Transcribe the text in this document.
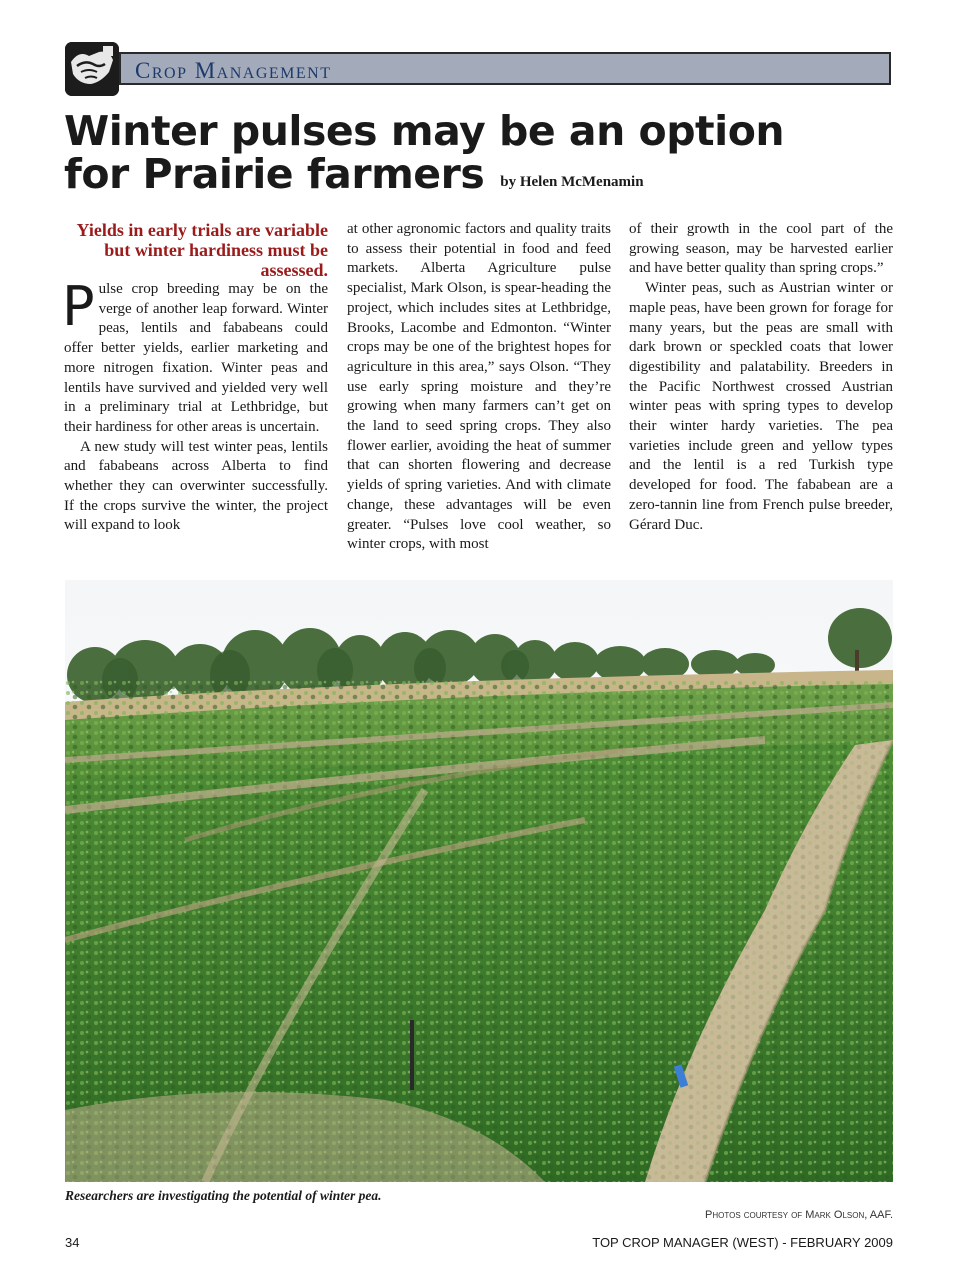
Crop Management
Winter pulses may be an option
for Prairie farmers by Helen McMenamin

Yields in early trials are variable but winter hardiness must be assessed.

Pulse crop breeding may be on the verge of another leap forward. Winter peas, lentils and fababeans could offer better yields, earlier marketing and more nitrogen fixation. Winter peas and lentils have survived and yielded very well in a preliminary trial at Lethbridge, but their hardiness for other areas is uncertain.

A new study will test winter peas, lentils and fababeans across Alberta to find whether they can overwinter successfully. If the crops survive the winter, the project will expand to look

at other agronomic factors and quality traits to assess their potential in food and feed markets. Alberta Agriculture pulse specialist, Mark Olson, is spear-heading the project, which includes sites at Lethbridge, Brooks, Lacombe and Edmonton. “Winter crops may be one of the brightest hopes for agriculture in this area,” says Olson. “They use early spring moisture and they’re growing when many farmers can’t get on the land to seed spring crops. They also flower earlier, avoiding the heat of summer that can shorten flowering and decrease yields of spring varieties. And with climate change, these advantages will be even greater. “Pulses love cool weather, so winter crops, with most

of their growth in the cool part of the growing season, may be harvested earlier and have better quality than spring crops.”

Winter peas, such as Austrian winter or maple peas, have been grown for forage for many years, but the peas are small with dark brown or speckled coats that lower digestibility and palatability. Breeders in the Pacific Northwest crossed Austrian winter peas with spring types to develop their winter hardy varieties. The pea varieties include green and yellow types and the lentil is a red Turkish type developed for food. The fababean are a zero-tannin line from French pulse breeder, Gérard Duc.

Researchers are investigating the potential of winter pea.
Photos courtesy of Mark Olson, AAF.
34	TOP CROP MANAGER (WEST) - FEBRUARY 2009
